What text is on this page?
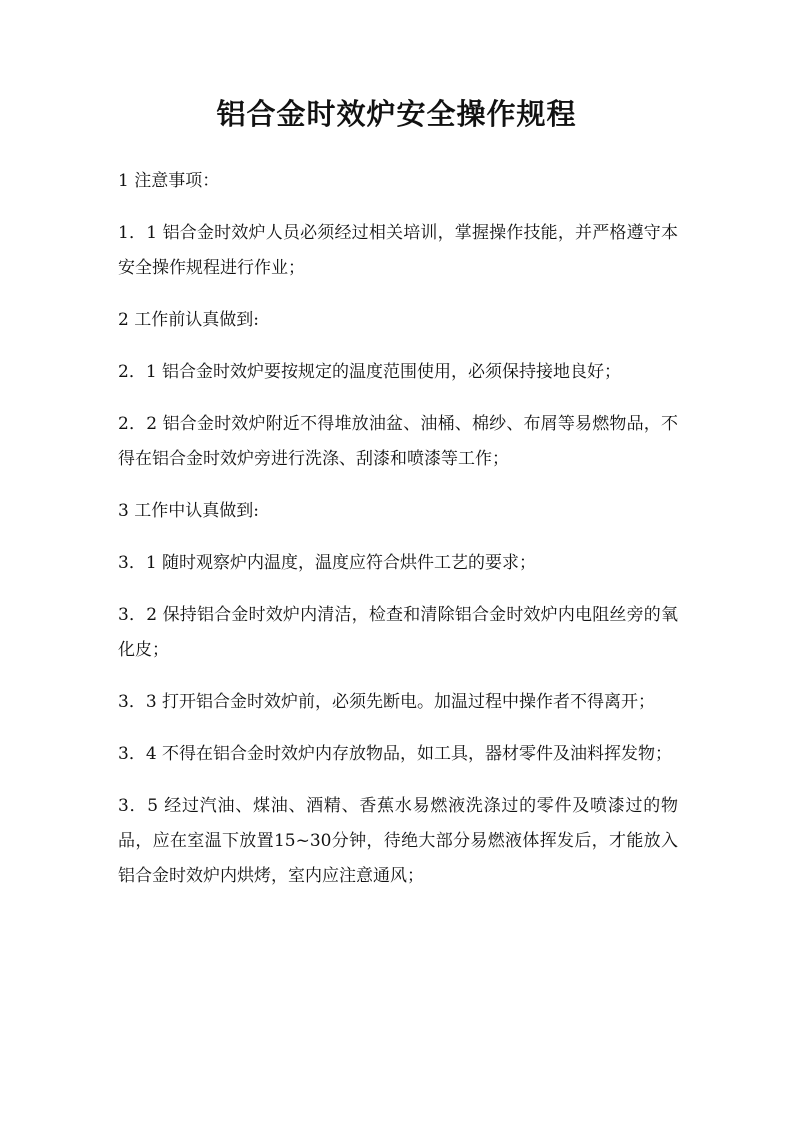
铝合金时效炉安全操作规程

1 注意事项：

1．1 铝合金时效炉人员必须经过相关培训，掌握操作技能，并严格遵守本安全操作规程进行作业；

2 工作前认真做到:

2．1 铝合金时效炉要按规定的温度范围使用，必须保持接地良好；

2．2 铝合金时效炉附近不得堆放油盆、油桶、棉纱、布屑等易燃物品，不得在铝合金时效炉旁进行洗涤、刮漆和喷漆等工作；

3 工作中认真做到:

3．1 随时观察炉内温度，温度应符合烘件工艺的要求；

3．2 保持铝合金时效炉内清洁，检查和清除铝合金时效炉内电阻丝旁的氧化皮；

3．3 打开铝合金时效炉前，必须先断电。加温过程中操作者不得离开；

3．4 不得在铝合金时效炉内存放物品，如工具，器材零件及油料挥发物；

3．5 经过汽油、煤油、酒精、香蕉水易燃液洗涤过的零件及喷漆过的物品，应在室温下放置15~30分钟，待绝大部分易燃液体挥发后，才能放入铝合金时效炉内烘烤，室内应注意通风；
